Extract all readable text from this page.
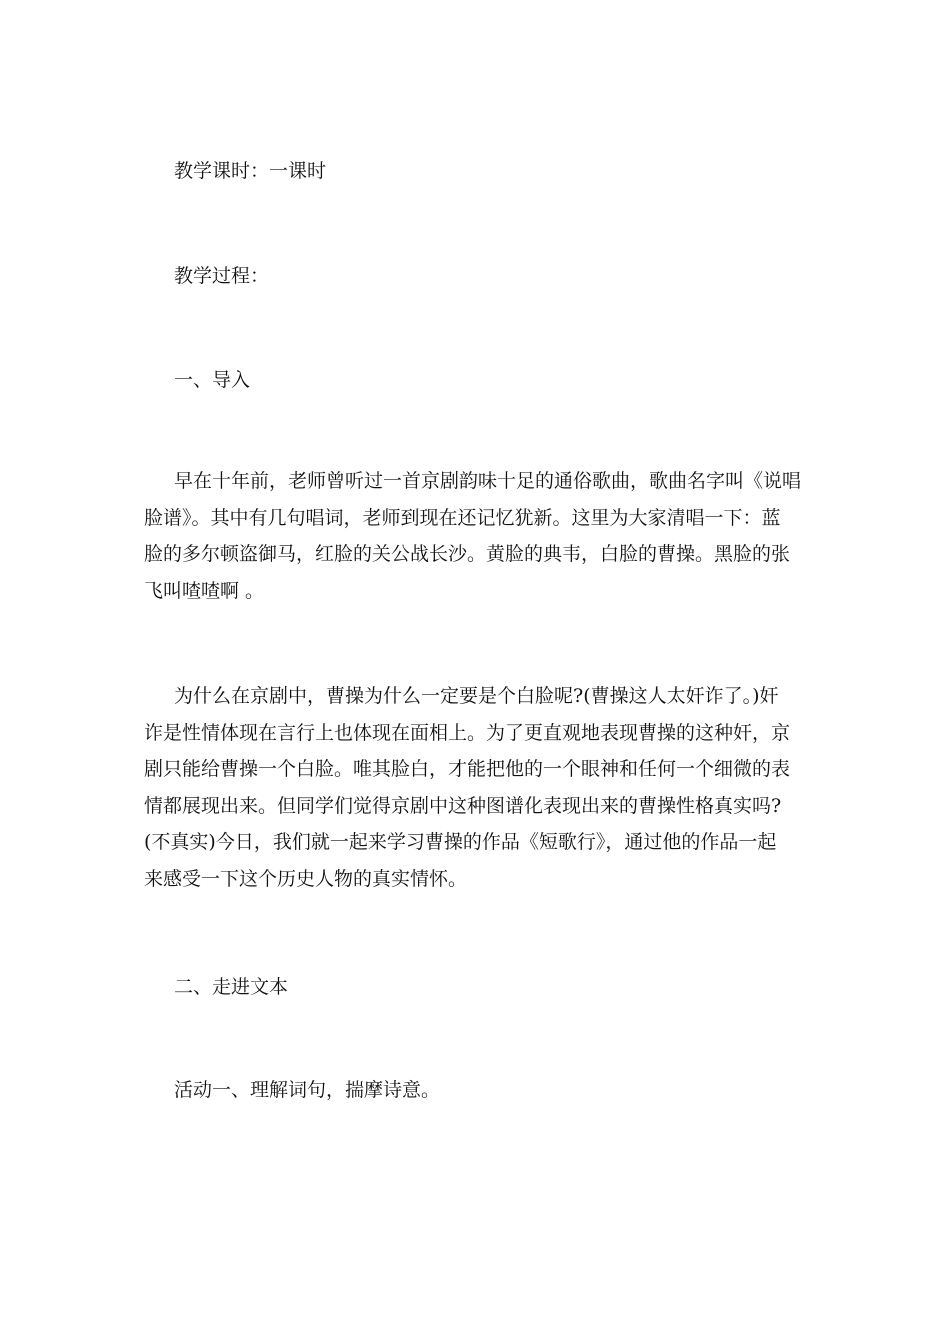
教学课时：一课时

教学过程：

一、导入

早在十年前，老师曾听过一首京剧韵味十足的通俗歌曲，歌曲名字叫《说唱
脸谱》。其中有几句唱词，老师到现在还记忆犹新。这里为大家清唱一下：蓝
脸的多尔顿盗御马，红脸的关公战长沙。黄脸的典韦，白脸的曹操。黑脸的张
飞叫喳喳啊 。
为什么在京剧中，曹操为什么一定要是个白脸呢?(曹操这人太奸诈了。)奸
诈是性情体现在言行上也体现在面相上。为了更直观地表现曹操的这种奸，京
剧只能给曹操一个白脸。唯其脸白，才能把他的一个眼神和任何一个细微的表
情都展现出来。但同学们觉得京剧中这种图谱化表现出来的曹操性格真实吗?
(不真实)今日，我们就一起来学习曹操的作品《短歌行》，通过他的作品一起
来感受一下这个历史人物的真实情怀。

二、走进文本

活动一、理解词句，揣摩诗意。
